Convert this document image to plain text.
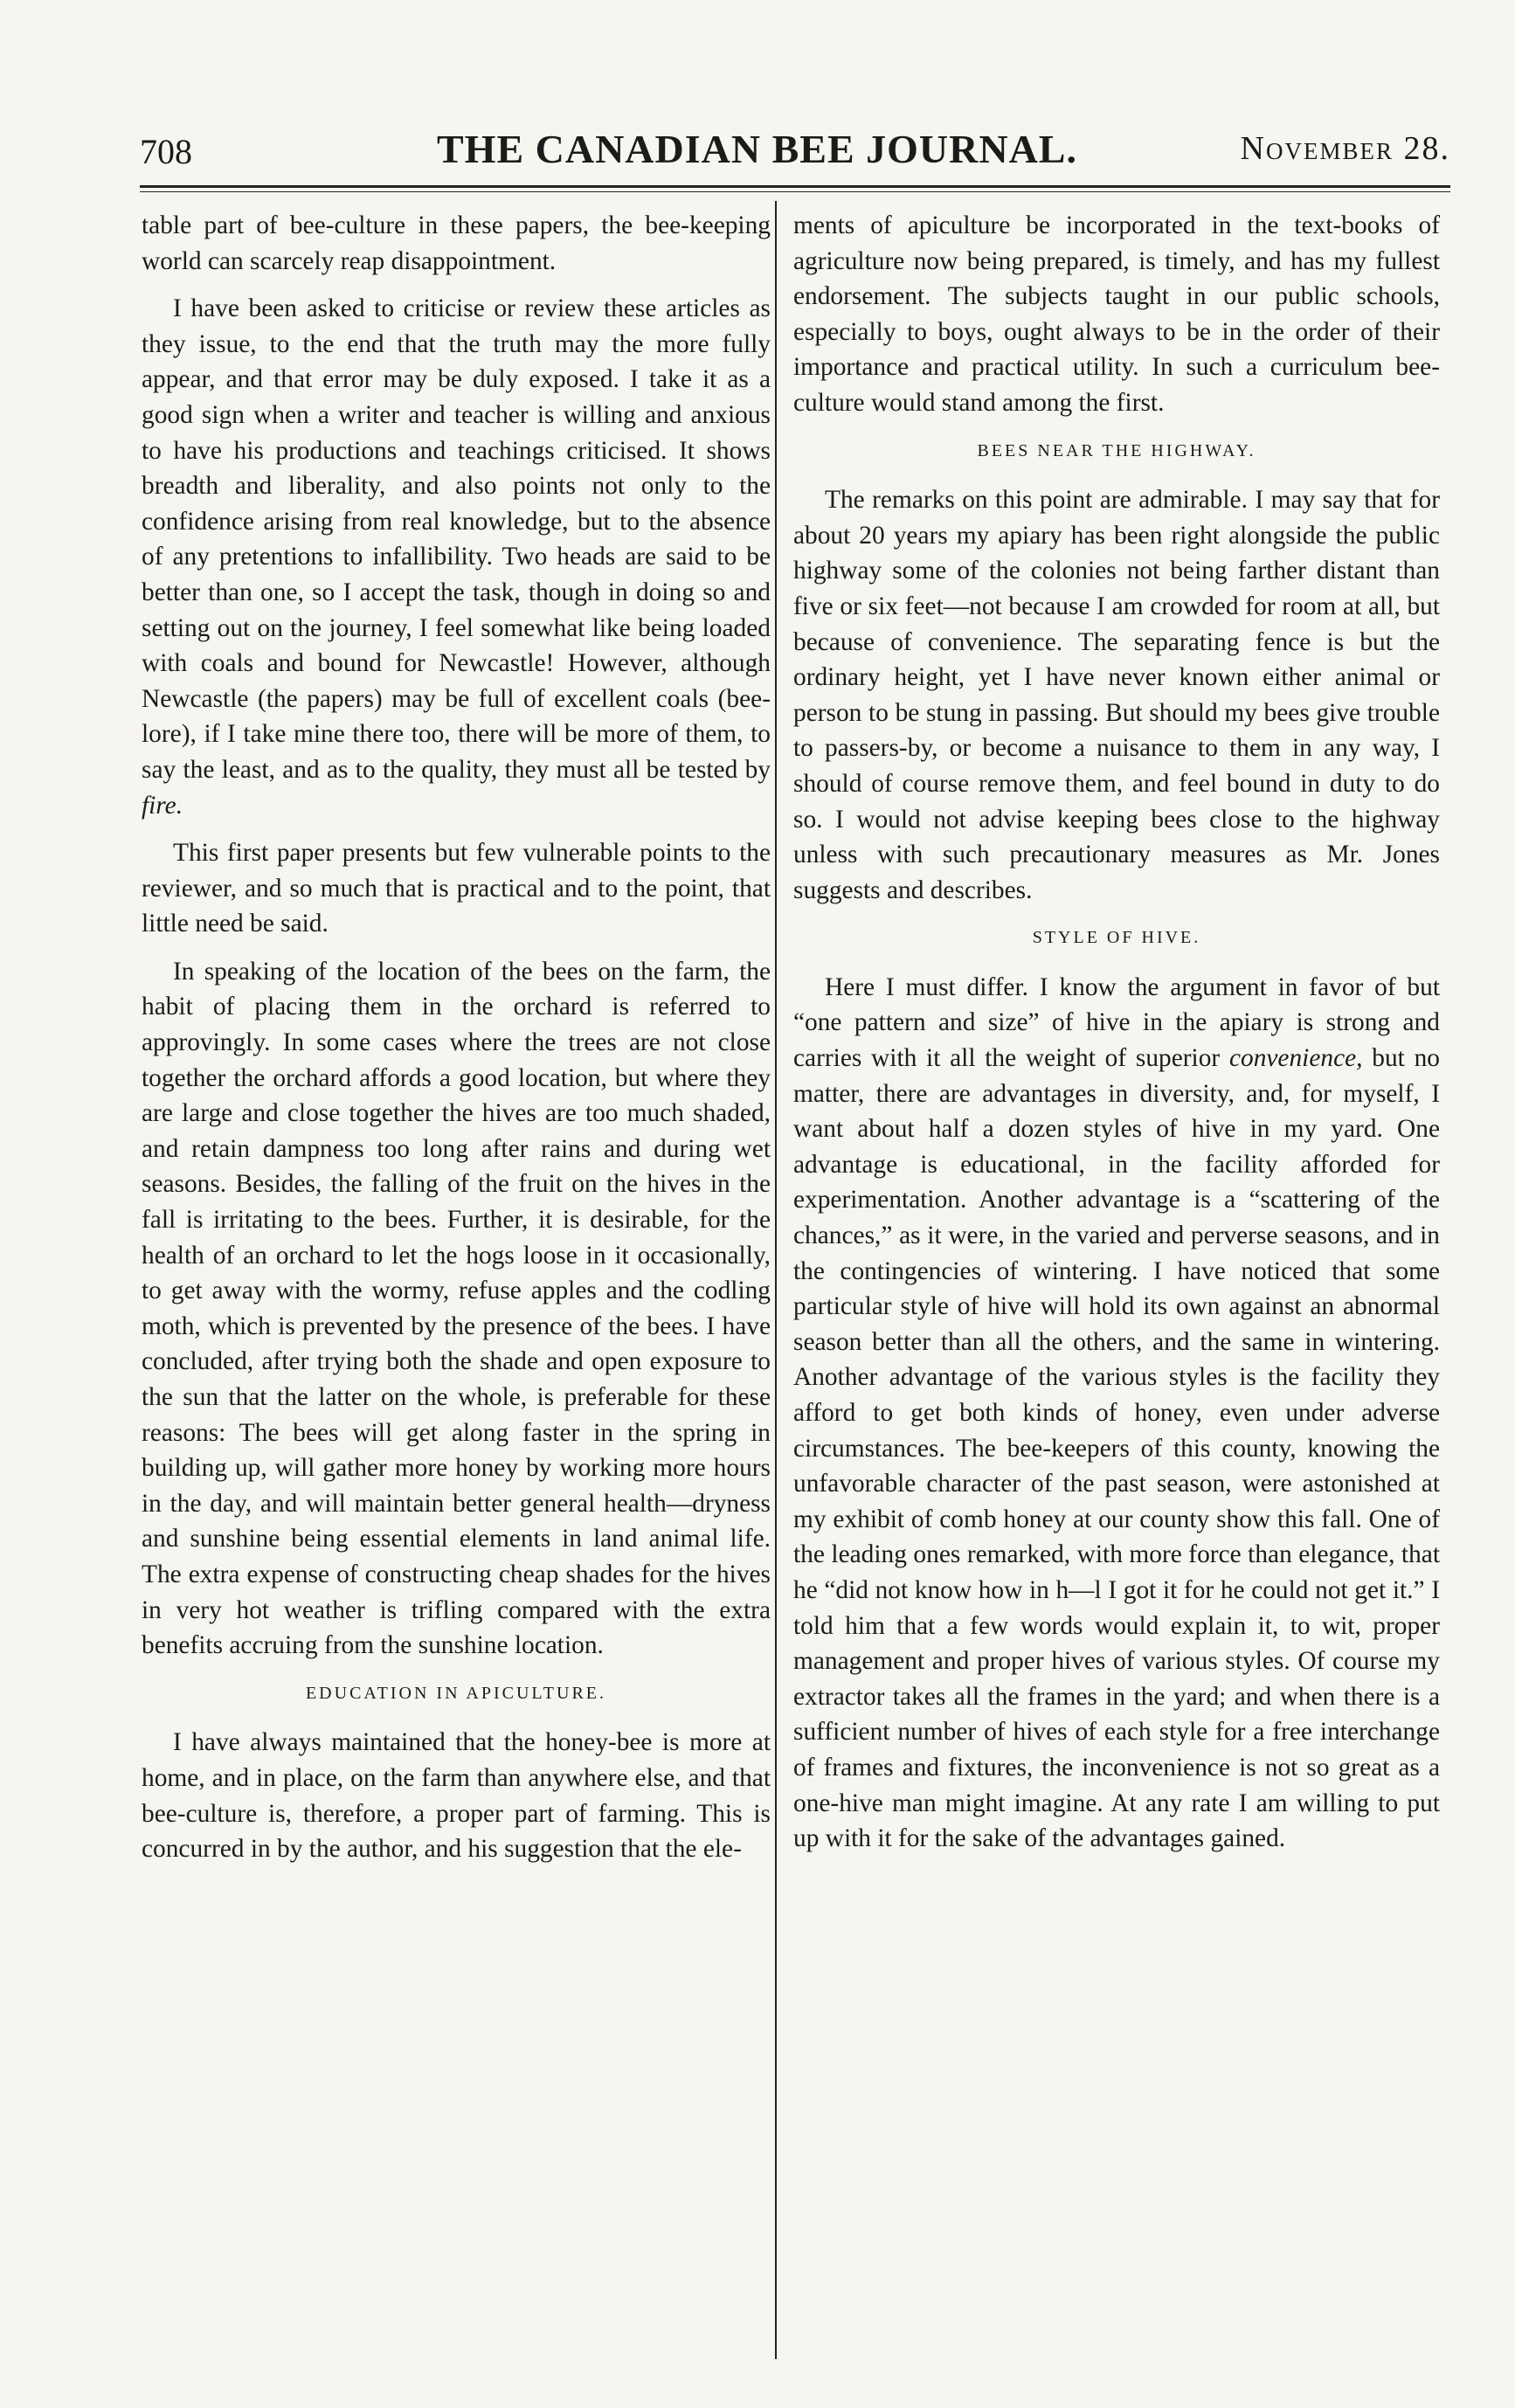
708	THE CANADIAN BEE JOURNAL.	November 28.

table part of bee-culture in these papers, the bee-keeping world can scarcely reap disappointment.

I have been asked to criticise or review these articles as they issue, to the end that the truth may the more fully appear, and that error may be duly exposed. I take it as a good sign when a writer and teacher is willing and anxious to have his productions and teachings criticised. It shows breadth and liberality, and also points not only to the confidence arising from real knowledge, but to the absence of any pretentions to infallibility. Two heads are said to be better than one, so I accept the task, though in doing so and setting out on the journey, I feel somewhat like being loaded with coals and bound for Newcastle! However, although Newcastle (the papers) may be full of excellent coals (bee-lore), if I take mine there too, there will be more of them, to say the least, and as to the quality, they must all be tested by fire.

This first paper presents but few vulnerable points to the reviewer, and so much that is practical and to the point, that little need be said.

In speaking of the location of the bees on the farm, the habit of placing them in the orchard is referred to approvingly. In some cases where the trees are not close together the orchard affords a good location, but where they are large and close together the hives are too much shaded, and retain dampness too long after rains and during wet seasons. Besides, the falling of the fruit on the hives in the fall is irritating to the bees. Further, it is desirable, for the health of an orchard to let the hogs loose in it occasionally, to get away with the wormy, refuse apples and the codling moth, which is prevented by the presence of the bees. I have concluded, after trying both the shade and open exposure to the sun that the latter on the whole, is preferable for these reasons: The bees will get along faster in the spring in building up, will gather more honey by working more hours in the day, and will maintain better general health—dryness and sunshine being essential elements in land animal life. The extra expense of constructing cheap shades for the hives in very hot weather is trifling compared with the extra benefits accruing from the sunshine location.

EDUCATION IN APICULTURE.

I have always maintained that the honey-bee is more at home, and in place, on the farm than anywhere else, and that bee-culture is, therefore, a proper part of farming. This is concurred in by the author, and his suggestion that the ele-

ments of apiculture be incorporated in the text-books of agriculture now being prepared, is timely, and has my fullest endorsement. The subjects taught in our public schools, especially to boys, ought always to be in the order of their importance and practical utility. In such a curriculum bee-culture would stand among the first.

BEES NEAR THE HIGHWAY.

The remarks on this point are admirable. I may say that for about 20 years my apiary has been right alongside the public highway some of the colonies not being farther distant than five or six feet—not because I am crowded for room at all, but because of convenience. The separating fence is but the ordinary height, yet I have never known either animal or person to be stung in passing. But should my bees give trouble to passers-by, or become a nuisance to them in any way, I should of course remove them, and feel bound in duty to do so. I would not advise keeping bees close to the highway unless with such precautionary measures as Mr. Jones suggests and describes.

STYLE OF HIVE.

Here I must differ. I know the argument in favor of but “one pattern and size” of hive in the apiary is strong and carries with it all the weight of superior convenience, but no matter, there are advantages in diversity, and, for myself, I want about half a dozen styles of hive in my yard. One advantage is educational, in the facility afforded for experimentation. Another advantage is a “scattering of the chances,” as it were, in the varied and perverse seasons, and in the contingencies of wintering. I have noticed that some particular style of hive will hold its own against an abnormal season better than all the others, and the same in wintering. Another advantage of the various styles is the facility they afford to get both kinds of honey, even under adverse circumstances. The bee-keepers of this county, knowing the unfavorable character of the past season, were astonished at my exhibit of comb honey at our county show this fall. One of the leading ones remarked, with more force than elegance, that he “did not know how in h—l I got it for he could not get it.” I told him that a few words would explain it, to wit, proper management and proper hives of various styles. Of course my extractor takes all the frames in the yard; and when there is a sufficient number of hives of each style for a free interchange of frames and fixtures, the inconvenience is not so great as a one-hive man might imagine. At any rate I am willing to put up with it for the sake of the advantages gained.
